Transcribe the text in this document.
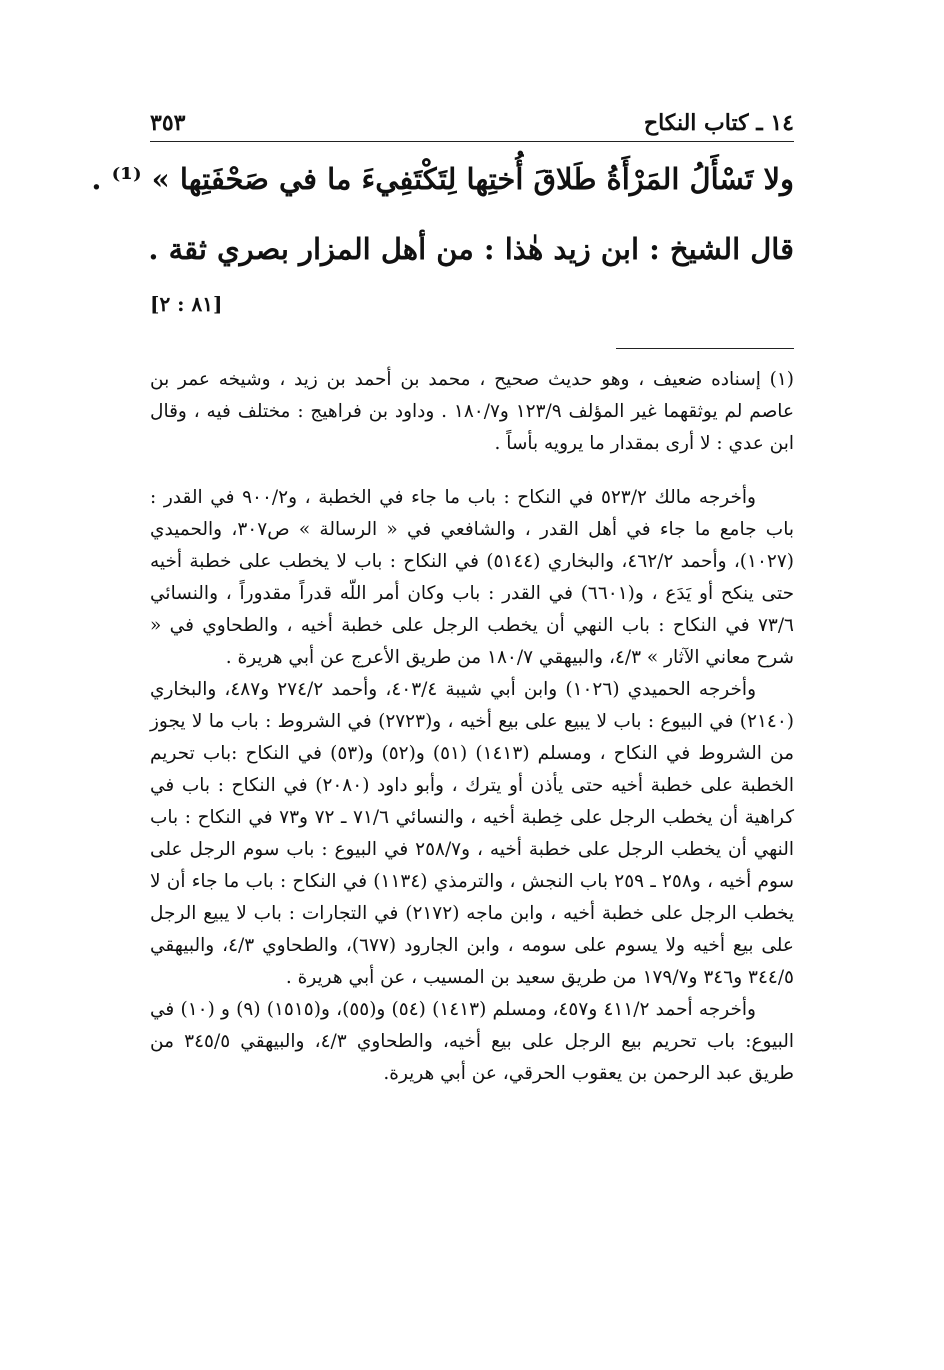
١٤ ـ كتاب النكاح
٣٥٣
ولا تَسْأَلُ المَرْأَةُ طَلاقَ أُختِها لِتَكْتَفِيءَ ما في صَحْفَتِها » ⁽¹⁾ .
قال الشيخ : ابن زيد هٰذا : من أهل المزار بصري ثقة .
[٨١ : ٢]

(١) إسناده ضعيف ، وهو حديث صحيح ، محمد بن أحمد بن زيد ، وشيخه عمر بن عاصم لم يوثقهما غير المؤلف ١٢٣/٩ و١٨٠/٧ . وداود بن فراهيج : مختلف فيه ، وقال ابن عدي : لا أرى بمقدار ما يرويه بأساً .

وأخرجه مالك ٥٢٣/٢ في النكاح : باب ما جاء في الخطبة ، و٩٠٠/٢ في القدر : باب جامع ما جاء في أهل القدر ، والشافعي في « الرسالة » ص٣٠٧، والحميدي (١٠٢٧)، وأحمد ٤٦٢/٢، والبخاري (٥١٤٤) في النكاح : باب لا يخطب على خطبة أخيه حتى ينكح أو يَدَع ، و(٦٦٠١) في القدر : باب وكان أمر اللّه قدراً مقدوراً ، والنسائي ٧٣/٦ في النكاح : باب النهي أن يخطب الرجل على خطبة أخيه ، والطحاوي في « شرح معاني الآثار » ٤/٣، والبيهقي ١٨٠/٧ من طريق الأعرج عن أبي هريرة .

وأخرجه الحميدي (١٠٢٦) وابن أبي شيبة ٤٠٣/٤، وأحمد ٢٧٤/٢ و٤٨٧، والبخاري (٢١٤٠) في البيوع : باب لا يبيع على بيع أخيه ، و(٢٧٢٣) في الشروط : باب ما لا يجوز من الشروط في النكاح ، ومسلم (١٤١٣) (٥١) و(٥٢) و(٥٣) في النكاح :باب تحريم الخطبة على خطبة أخيه حتى يأذن أو يترك ، وأبو داود (٢٠٨٠) في النكاح : باب في كراهية أن يخطب الرجل على خِطبة أخيه ، والنسائي ٧١/٦ ـ ٧٢ و٧٣ في النكاح : باب النهي أن يخطب الرجل على خطبة أخيه ، و٢٥٨/٧ في البيوع : باب سوم الرجل على سوم أخيه ، و٢٥٨ ـ ٢٥٩ باب النجش ، والترمذي (١١٣٤) في النكاح : باب ما جاء أن لا يخطب الرجل على خطبة أخيه ، وابن ماجه (٢١٧٢) في التجارات : باب لا يبيع الرجل على بيع أخيه ولا يسوم على سومه ، وابن الجارود (٦٧٧)، والطحاوي ٤/٣، والبيهقي ٣٤٤/٥ و٣٤٦ و١٧٩/٧ من طريق سعيد بن المسيب ، عن أبي هريرة .

وأخرجه أحمد ٤١١/٢ و٤٥٧، ومسلم (١٤١٣) (٥٤) و(٥٥)، و(١٥١٥) (٩) و (١٠) في البيوع: باب تحريم بيع الرجل على بيع أخيه، والطحاوي ٤/٣، والبيهقي ٣٤٥/٥ من طريق عبد الرحمن بن يعقوب الحرقي، عن أبي هريرة.
